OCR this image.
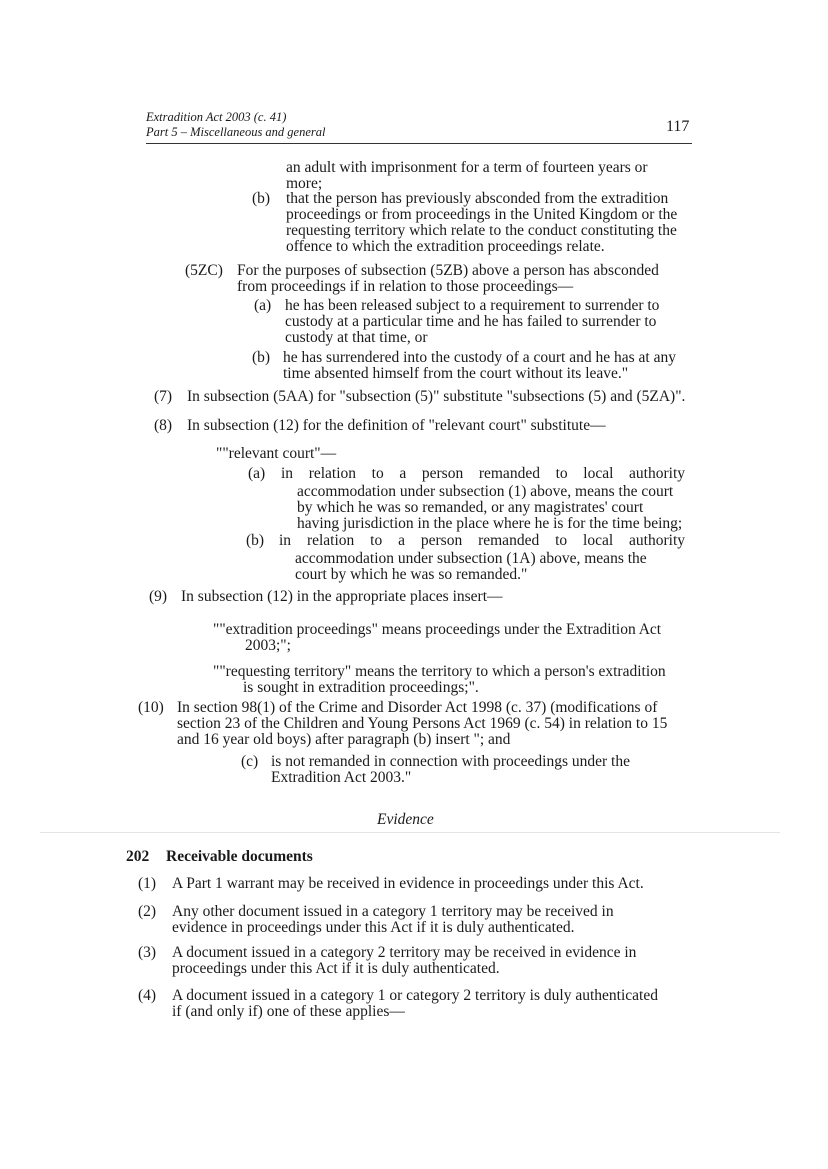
Extradition Act 2003 (c. 41)
Part 5 – Miscellaneous and general	117
an adult with imprisonment for a term of fourteen years or
more;
(b) that the person has previously absconded from the extradition
proceedings or from proceedings in the United Kingdom or the
requesting territory which relate to the conduct constituting the
offence to which the extradition proceedings relate.
(5ZC) For the purposes of subsection (5ZB) above a person has absconded
from proceedings if in relation to those proceedings—
(a) he has been released subject to a requirement to surrender to
custody at a particular time and he has failed to surrender to
custody at that time, or
(b) he has surrendered into the custody of a court and he has at any
time absented himself from the court without its leave."
(7) In subsection (5AA) for "subsection (5)" substitute "subsections (5) and (5ZA)".
(8) In subsection (12) for the definition of "relevant court" substitute—
""relevant court"—
(a) in relation to a person remanded to local authority
accommodation under subsection (1) above, means the court
by which he was so remanded, or any magistrates' court
having jurisdiction in the place where he is for the time being;
(b) in relation to a person remanded to local authority
accommodation under subsection (1A) above, means the
court by which he was so remanded."
(9) In subsection (12) in the appropriate places insert—
""extradition proceedings" means proceedings under the Extradition Act
2003;";
""requesting territory" means the territory to which a person's extradition
is sought in extradition proceedings;".
(10) In section 98(1) of the Crime and Disorder Act 1998 (c. 37) (modifications of
section 23 of the Children and Young Persons Act 1969 (c. 54) in relation to 15
and 16 year old boys) after paragraph (b) insert "; and
(c) is not remanded in connection with proceedings under the
Extradition Act 2003."
Evidence
202 Receivable documents
(1) A Part 1 warrant may be received in evidence in proceedings under this Act.
(2) Any other document issued in a category 1 territory may be received in
evidence in proceedings under this Act if it is duly authenticated.
(3) A document issued in a category 2 territory may be received in evidence in
proceedings under this Act if it is duly authenticated.
(4) A document issued in a category 1 or category 2 territory is duly authenticated
if (and only if) one of these applies—
